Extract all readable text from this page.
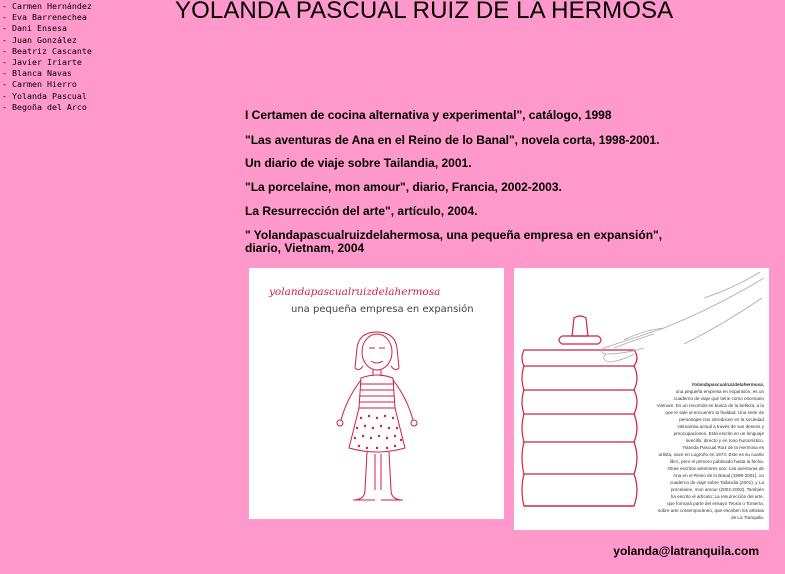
- Carmen Hernández
- Eva Barrenechea
- Dani Ensesa
- Juan González
- Beatriz Cascante
- Javier Iriarte
- Blanca Navas
- Carmen Hierro
- Yolanda Pascual
- Begoña del Arco
YOLANDA PASCUAL RUIZ DE LA HERMOSA

I Certamen de cocina alternativa y experimental", catálogo, 1998

"Las aventuras de Ana en el Reino de lo Banal", novela corta, 1998-2001.

Un diario de viaje sobre Tailandia, 2001.

"La porcelaine, mon amour", diario, Francia, 2002-2003.

La Resurrección del arte", artículo, 2004.

" Yolandapascualruizdelahermosa, una pequeña empresa en expansión",
diario, Vietnam, 2004

yolandapascualruizdelahermosa
una pequeña empresa en expansión
Yolandapascualruizdelahermosa,
una pequeña empresa en expansión, es un
cuaderno de viaje que tiene como escenario
Vietnam. Es un recorrido en busca de la belleza, a la
que le sale al encuentro la fealdad. Una serie de
personajes nos introducen en la sociedad
vietnamita actual a través de sus deseos y
preocupaciones. Está escrito en un lenguaje
sencillo, directo y en tono humorístico.
Yolanda Pascual Ruiz de la Hermosa es
artista, nace en Logroño en 1974. Este es su cuarto
libro, pero el primero publicado hasta la fecha.
Otras escritos anteriores son: Las aventuras de
Ana en el Reino de lo Banal (1998-2001), un
cuaderno de viaje sobre Tailandia (2001), y La
porcelaine, mon amour (2002-2003). También
ha escrito el artículo: La resurrección del arte,
que formará parte del ensayo Teoría o Tontería,
sobre arte contemporáneo, que escriben los artistas
de La Tranquila.
yolanda@latranquila.com
